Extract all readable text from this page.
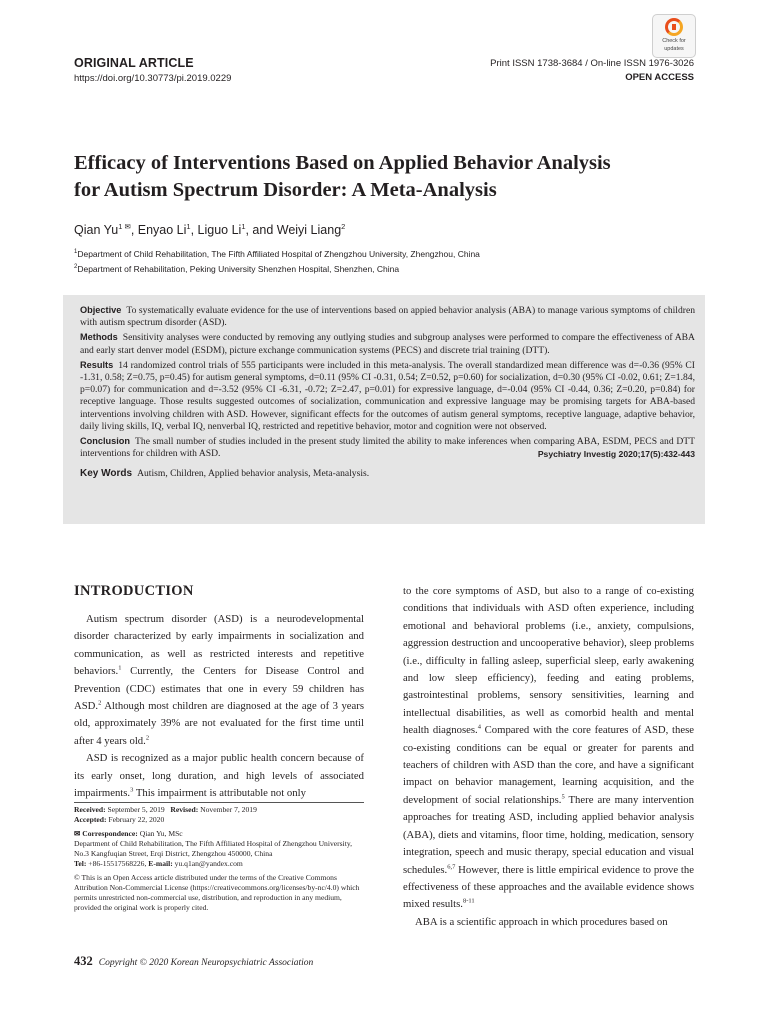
ORIGINAL ARTICLE
https://doi.org/10.30773/pi.2019.0229
Check for
updates
Print ISSN 1738-3684 / On-line ISSN 1976-3026
OPEN ACCESS
Efficacy of Interventions Based on Applied Behavior Analysis
for Autism Spectrum Disorder: A Meta-Analysis
Qian $Yu^{1 ✉}$, Enyao Li$^1$, Liguo Li$^1$, and Weiyi Liang$^2$
$^1$Department of Child Rehabilitation, The Fifth Affiliated Hospital of Zhengzhou University, Zhengzhou, China
$^2$Department of Rehabilitation, Peking University Shenzhen Hospital, Shenzhen, China

Objective To systematically evaluate evidence for the use of interventions based on appied behavior analysis (ABA) to manage various symptoms of children with autism spectrum disorder (ASD).

Methods Sensitivity analyses were conducted by removing any outlying studies and subgroup analyses were performed to compare the effectiveness of ABA and early start denver model (ESDM), picture exchange communication systems (PECS) and discrete trial training (DTT).

Results 14 randomized control trials of 555 participants were included in this meta-analysis. The overall standardized mean difference was d=-0.36 (95% CI -1.31, 0.58; Z=0.75, p=0.45) for autism general symptoms, d=0.11 (95% CI -0.31, 0.54; Z=0.52, p=0.60) for socialization, d=0.30 (95% CI -0.02, 0.61; Z=1.84, p=0.07) for communication and d=-3.52 (95% CI -6.31, -0.72; Z=2.47, p=0.01) for expressive language, d=-0.04 (95% CI -0.44, 0.36; Z=0.20, p=0.84) for receptive language. Those results suggested outcomes of socialization, communication and expressive language may be promising targets for ABA-based interventions involving children with ASD. However, significant effects for the outcomes of autism general symptoms, receptive language, adaptive behavior, daily living skills, IQ, verbal IQ, nenverbal IQ, restricted and repetitive behavior, motor and cognition were not observed.

Conclusion The small number of studies included in the present study limited the ability to make inferences when comparing ABA, ESDM, PECS and DTT interventions for children with ASD.	Psychiatry Investig 2020;17(5):432-443

Key Words Autism, Children, Applied behavior analysis, Meta-analysis.
INTRODUCTION

Autism spectrum disorder (ASD) is a neurodevelopmental disorder characterized by early impairments in socialization and communication, as well as restricted interests and repetitive behaviors.$^1$ Currently, the Centers for Disease Control and Prevention (CDC) estimates that one in every 59 children has ASD.$^2$ Although most children are diagnosed at the age of 3 years old, approximately 39% are not evaluated for the first time until after 4 years old.$^2$

ASD is recognized as a major public health concern because of its early onset, long duration, and high levels of associated impairments.$^3$ This impairment is attributable not only

to the core symptoms of ASD, but also to a range of co-existing conditions that individuals with ASD often experience, including emotional and behavioral problems (i.e., anxiety, compulsions, aggression destruction and uncooperative behavior), sleep problems (i.e., difficulty in falling asleep, superficial sleep, early awakening and low sleep efficiency), feeding and eating problems, gastrointestinal problems, sensory sensitivities, learning and intellectual disabilities, as well as comorbid health and mental health diagnoses.$^4$ Compared with the core features of ASD, these co-existing conditions can be equal or greater for parents and teachers of children with ASD than the core, and have a significant impact on behavior management, learning acquisition, and the development of social relationships.$^5$ There are many intervention approaches for treating ASD, including applied behavior analysis (ABA), diets and vitamins, floor time, holding, medication, sensory integration, speech and music therapy, special education and visual schedules.$^{6,7}$ However, there is little empirical evidence to prove the effectiveness of these approaches and the available evidence shows mixed results.$^{8-11}$

ABA is a scientific approach in which procedures based on

Received: September 5, 2019 Revised: November 7, 2019
Accepted: February 22, 2020
✉ Correspondence: Qian Yu, MSc
Department of Child Rehabilitation, The Fifth Affiliated Hospital of Zhengzhou University, No.3 Kangfuqian Street, Erqi District, Zhengzhou 450000, China
Tel: +86-15517568226, E-mail: yu.q1an@yandex.com
© This is an Open Access article distributed under the terms of the Creative Commons Attribution Non-Commercial License (https://creativecommons.org/licenses/by-nc/4.0) which permits unrestricted non-commercial use, distribution, and reproduction in any medium, provided the original work is properly cited.
432 Copyright © 2020 Korean Neuropsychiatric Association
